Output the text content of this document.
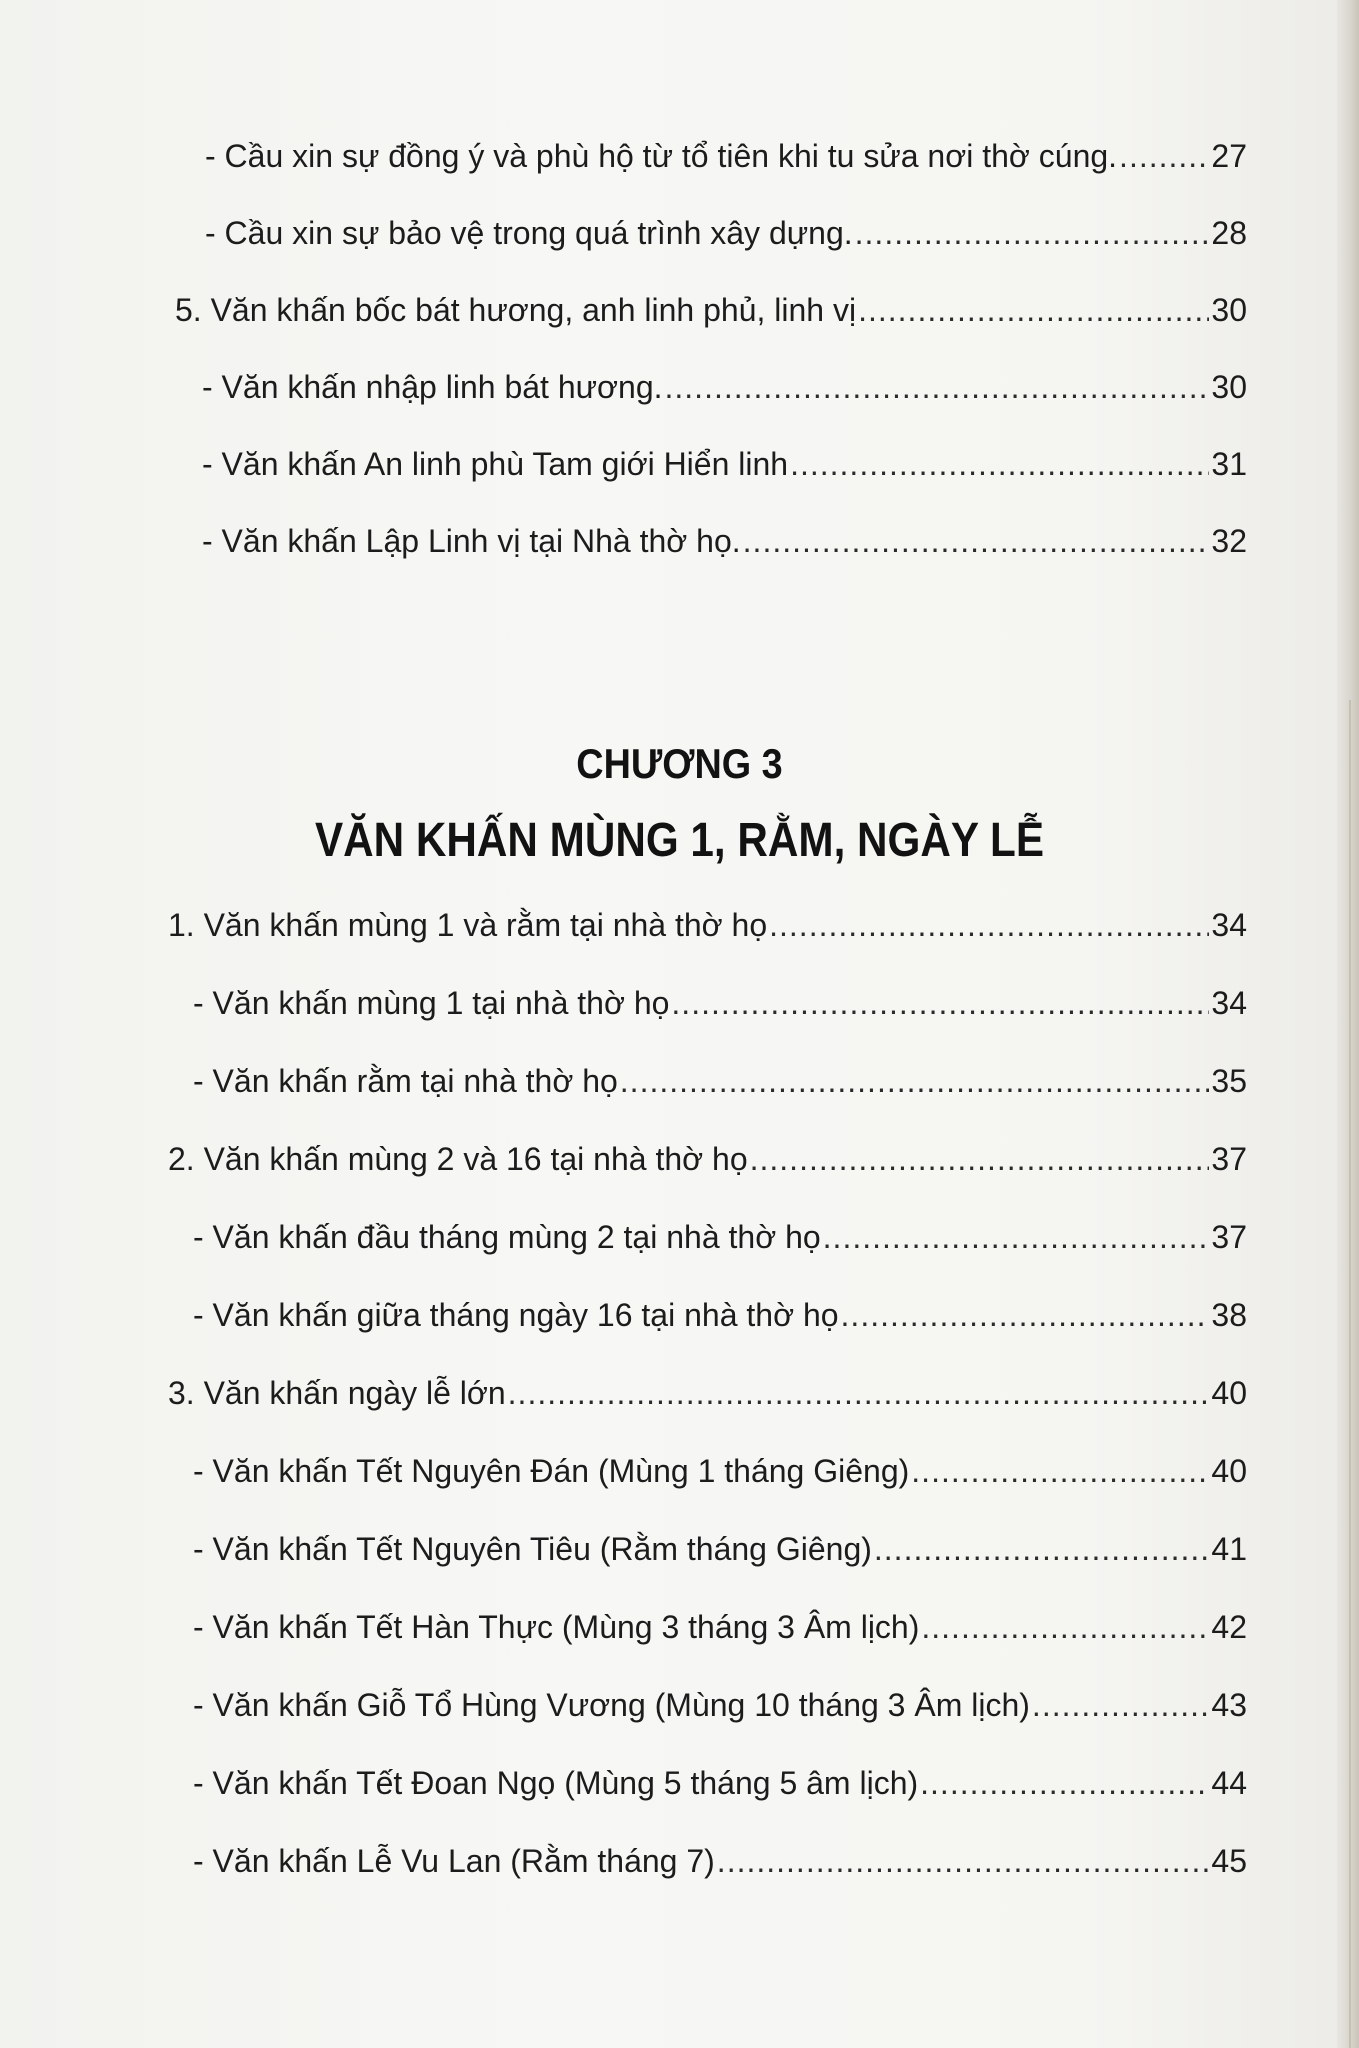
- Cầu xin sự đồng ý và phù hộ từ tổ tiên khi tu sửa nơi thờ cúng. .....	27
- Cầu xin sự bảo vệ trong quá trình xây dựng. .....	28
5. Văn khấn bốc bát hương, anh linh phủ, linh vị .....	30
- Văn khấn nhập linh bát hương. .....	30
- Văn khấn An linh phù Tam giới Hiển linh .....	31
- Văn khấn Lập Linh vị tại Nhà thờ họ. .....	32
CHƯƠNG 3
VĂN KHẤN MÙNG 1, RẰM, NGÀY LỄ
1. Văn khấn mùng 1 và rằm tại nhà thờ họ .....	34
- Văn khấn mùng 1 tại nhà thờ họ .....	34
- Văn khấn rằm tại nhà thờ họ .....	35
2. Văn khấn mùng 2 và 16 tại nhà thờ họ .....	37
- Văn khấn đầu tháng mùng 2 tại nhà thờ họ .....	37
- Văn khấn giữa tháng ngày 16 tại nhà thờ họ .....	38
3. Văn khấn ngày lễ lớn .....	40
- Văn khấn Tết Nguyên Đán (Mùng 1 tháng Giêng) .....	40
- Văn khấn Tết Nguyên Tiêu (Rằm tháng Giêng) .....	41
- Văn khấn Tết Hàn Thực (Mùng 3 tháng 3 Âm lịch) .....	42
- Văn khấn Giỗ Tổ Hùng Vương (Mùng 10 tháng 3 Âm lịch) .....	43
- Văn khấn Tết Đoan Ngọ (Mùng 5 tháng 5 âm lịch) .....	44
- Văn khấn Lễ Vu Lan (Rằm tháng 7) .....	45
